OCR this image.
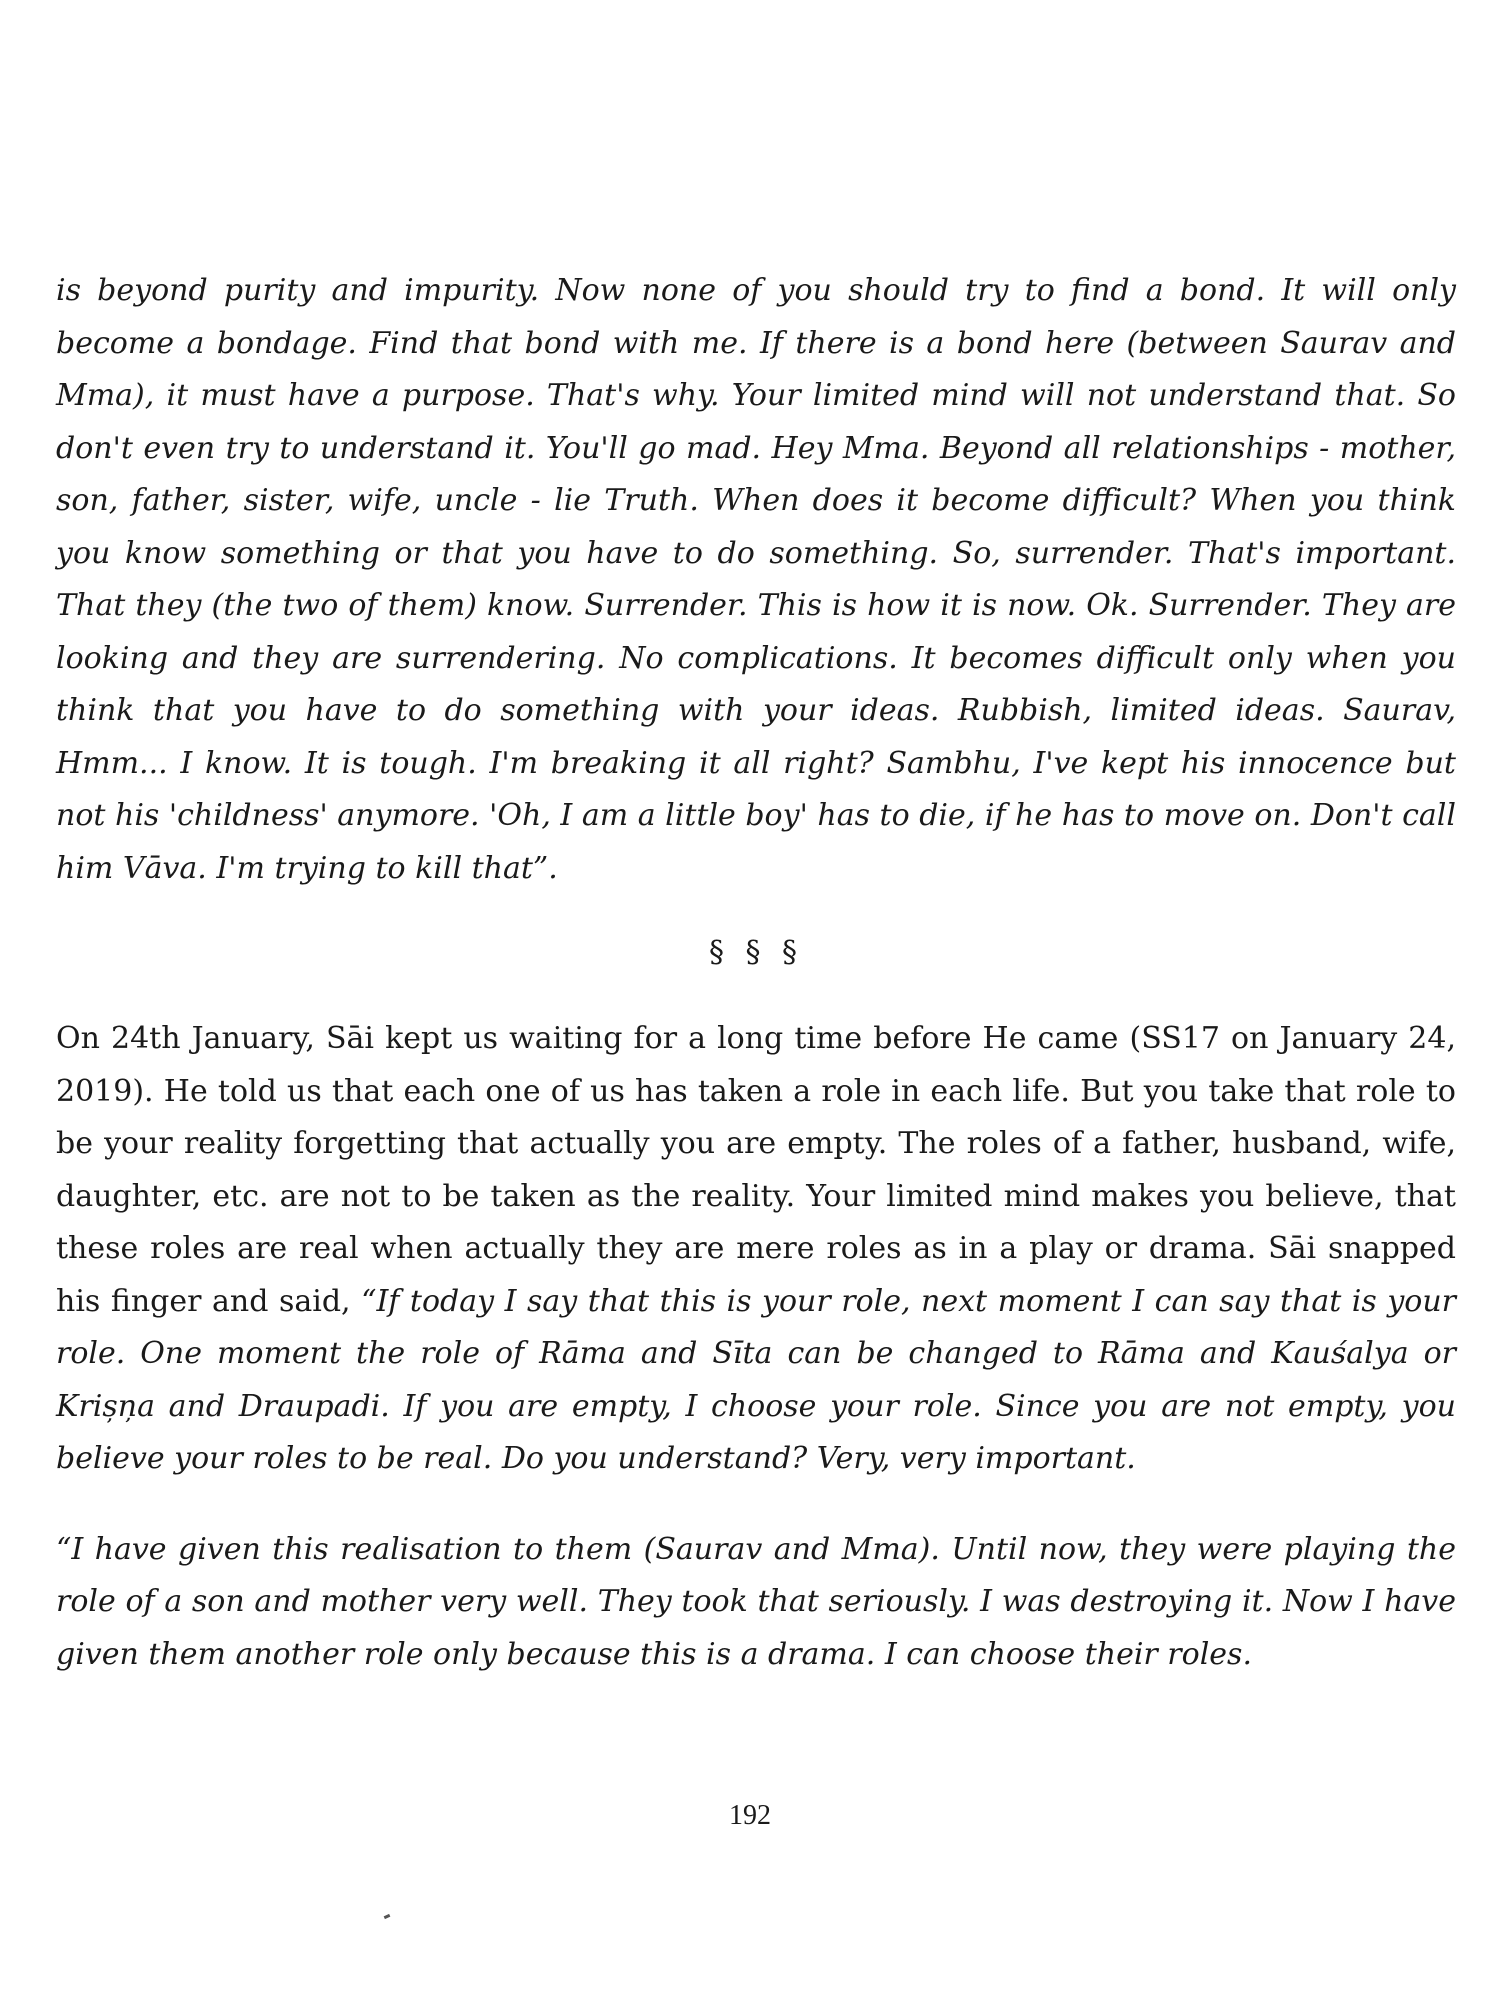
is beyond purity and impurity. Now none of you should try to find a bond. It will only become a bondage. Find that bond with me. If there is a bond here (between Saurav and Mma), it must have a purpose. That's why. Your limited mind will not understand that. So don't even try to understand it. You'll go mad. Hey Mma. Beyond all relationships - mother, son, father, sister, wife, uncle - lie Truth. When does it become difficult? When you think you know something or that you have to do something. So, surrender. That's important. That they (the two of them) know. Surrender. This is how it is now. Ok. Surrender. They are looking and they are surrendering. No complications. It becomes difficult only when you think that you have to do something with your ideas. Rubbish, limited ideas. Saurav, Hmm... I know. It is tough. I'm breaking it all right? Sambhu, I've kept his innocence but not his 'childness' anymore. 'Oh, I am a little boy' has to die, if he has to move on. Don't call him Vāva. I'm trying to kill that”.

§ § §

On 24th January, Sāi kept us waiting for a long time before He came (SS17 on January 24, 2019). He told us that each one of us has taken a role in each life. But you take that role to be your reality forgetting that actually you are empty. The roles of a father, husband, wife, daughter, etc. are not to be taken as the reality. Your limited mind makes you believe, that these roles are real when actually they are mere roles as in a play or drama. Sāi snapped his finger and said, “If today I say that this is your role, next moment I can say that is your role. One moment the role of Rāma and Sīta can be changed to Rāma and Kauśalya or Krișņa and Draupadi. If you are empty, I choose your role. Since you are not empty, you believe your roles to be real. Do you understand? Very, very important.

“I have given this realisation to them (Saurav and Mma). Until now, they were playing the role of a son and mother very well. They took that seriously. I was destroying it. Now I have given them another role only because this is a drama. I can choose their roles.

192
